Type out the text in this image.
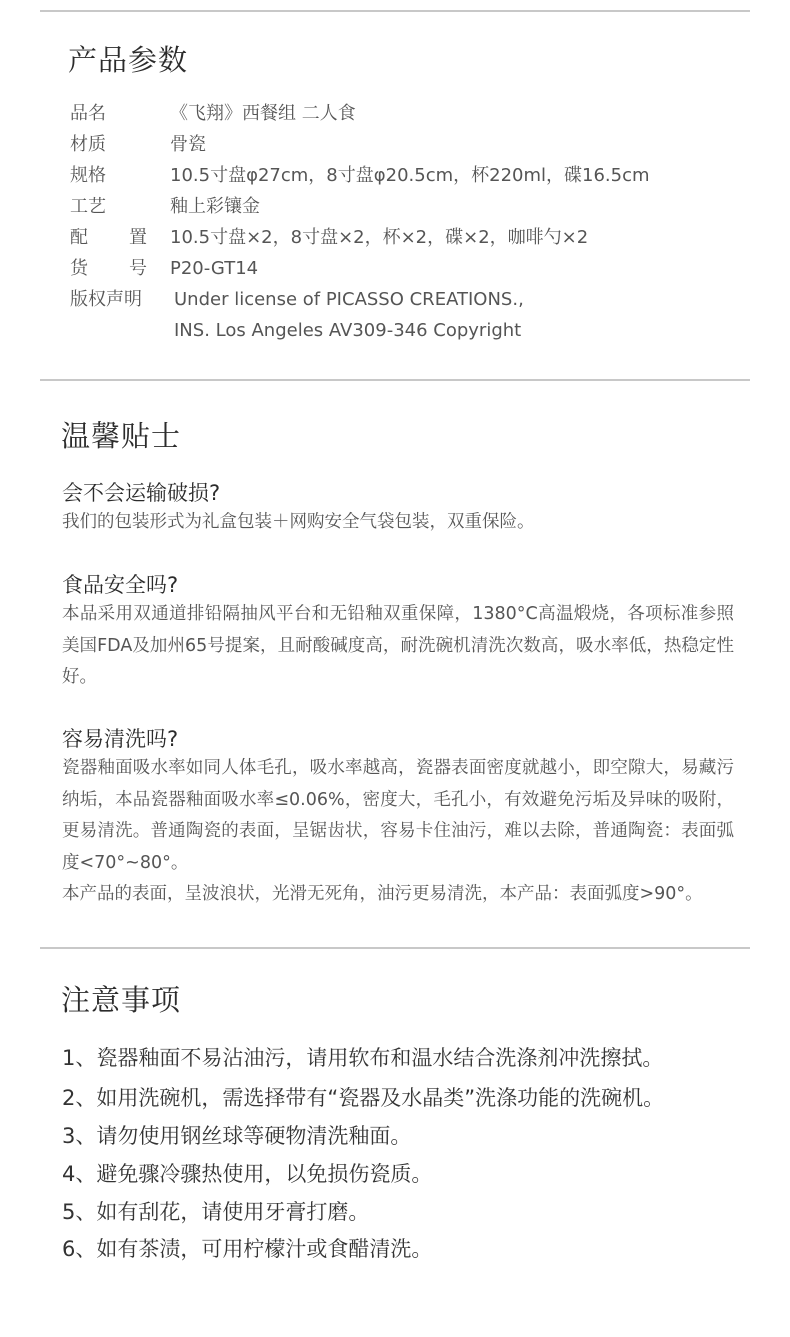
产品参数
品名	《飞翔》西餐组 二人食
材质	骨瓷
规格	10.5寸盘φ27cm，8寸盘φ20.5cm，杯220ml，碟16.5cm
工艺	釉上彩镶金
配 置 10.5寸盘×2，8寸盘×2，杯×2，碟×2，咖啡勺×2
货 号 P20-GT14
版权声明	Under license of PICASSO CREATIONS.,
INS. Los Angeles AV309-346 Copyright
温馨贴士
会不会运输破损?

我们的包装形式为礼盒包装＋网购安全气袋包装，双重保险。

食品安全吗?

本品采用双通道排铅隔抽风平台和无铅釉双重保障，1380°C高温煅烧，各项标准参照美国FDA及加州65号提案，且耐酸碱度高，耐洗碗机清洗次数高，吸水率低，热稳定性好。

容易清洗吗?

瓷器釉面吸水率如同人体毛孔，吸水率越高，瓷器表面密度就越小，即空隙大，易藏污纳垢，本品瓷器釉面吸水率≤0.06%，密度大，毛孔小，有效避免污垢及异味的吸附，更易清洗。普通陶瓷的表面，呈锯齿状，容易卡住油污，难以去除，普通陶瓷：表面弧度<70°~80°。

本产品的表面，呈波浪状，光滑无死角，油污更易清洗，本产品：表面弧度>90°。

注意事项
1、瓷器釉面不易沾油污，请用软布和温水结合洗涤剂冲洗擦拭。
2、如用洗碗机，需选择带有“瓷器及水晶类”洗涤功能的洗碗机。
3、请勿使用钢丝球等硬物清洗釉面。
4、避免骤冷骤热使用，以免损伤瓷质。
5、如有刮花，请使用牙膏打磨。
6、如有茶渍，可用柠檬汁或食醋清洗。
